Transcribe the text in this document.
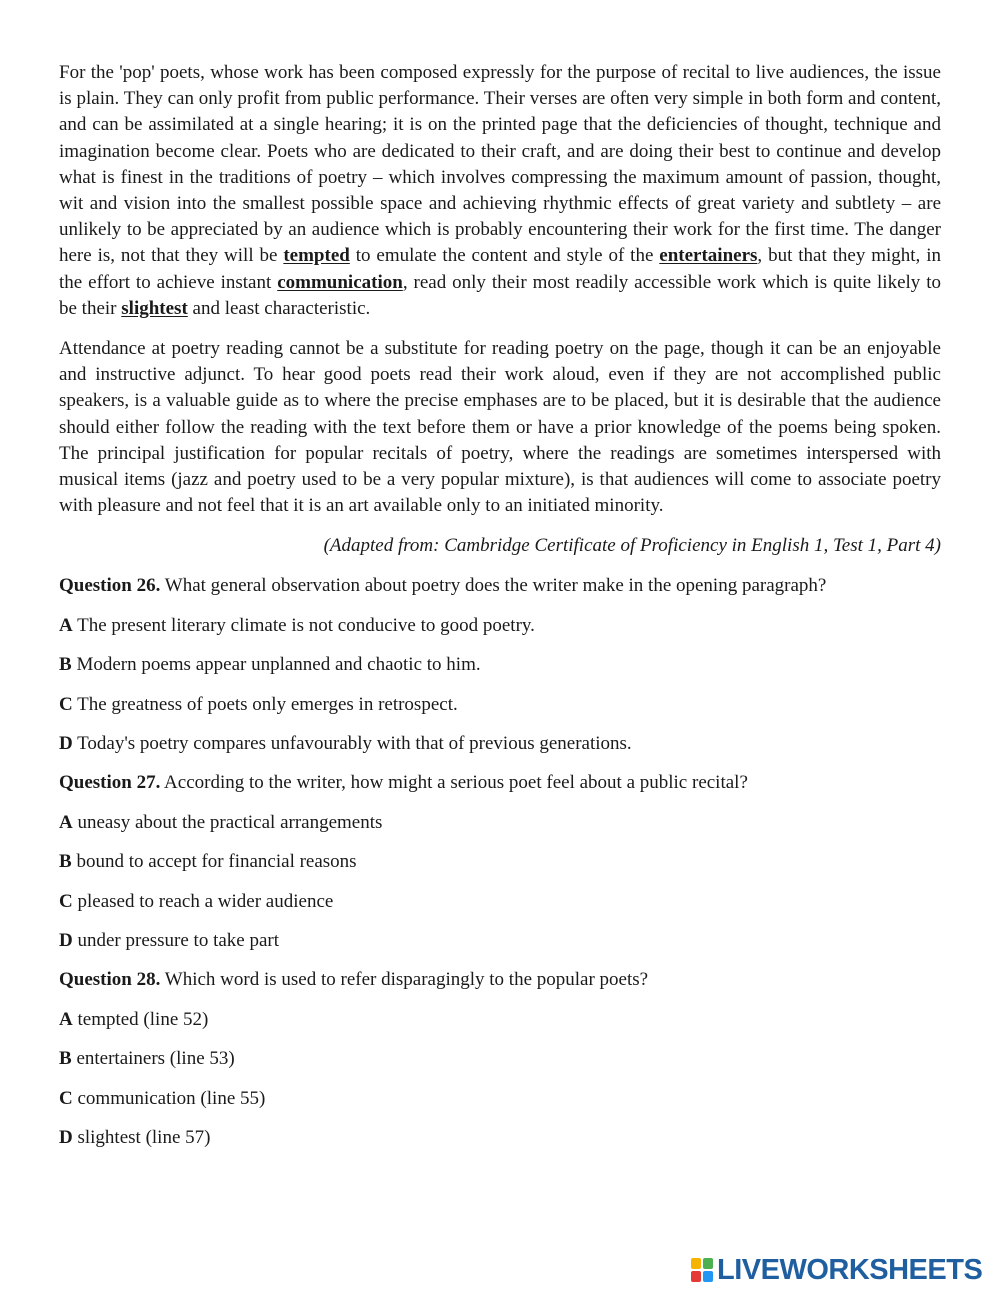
For the 'pop' poets, whose work has been composed expressly for the purpose of recital to live audiences, the issue is plain. They can only profit from public performance. Their verses are often very simple in both form and content, and can be assimilated at a single hearing; it is on the printed page that the deficiencies of thought, technique and imagination become clear. Poets who are dedicated to their craft, and are doing their best to continue and develop what is finest in the traditions of poetry – which involves compressing the maximum amount of passion, thought, wit and vision into the smallest possible space and achieving rhythmic effects of great variety and subtlety – are unlikely to be appreciated by an audience which is probably encountering their work for the first time. The danger here is, not that they will be tempted to emulate the content and style of the entertainers, but that they might, in the effort to achieve instant communication, read only their most readily accessible work which is quite likely to be their slightest and least characteristic.

Attendance at poetry reading cannot be a substitute for reading poetry on the page, though it can be an enjoyable and instructive adjunct. To hear good poets read their work aloud, even if they are not accomplished public speakers, is a valuable guide as to where the precise emphases are to be placed, but it is desirable that the audience should either follow the reading with the text before them or have a prior knowledge of the poems being spoken. The principal justification for popular recitals of poetry, where the readings are sometimes interspersed with musical items (jazz and poetry used to be a very popular mixture), is that audiences will come to associate poetry with pleasure and not feel that it is an art available only to an initiated minority.

(Adapted from: Cambridge Certificate of Proficiency in English 1, Test 1, Part 4)

Question 26. What general observation about poetry does the writer make in the opening paragraph?

A The present literary climate is not conducive to good poetry.

B Modern poems appear unplanned and chaotic to him.

C The greatness of poets only emerges in retrospect.

D Today's poetry compares unfavourably with that of previous generations.

Question 27. According to the writer, how might a serious poet feel about a public recital?

A uneasy about the practical arrangements

B bound to accept for financial reasons

C pleased to reach a wider audience

D under pressure to take part

Question 28. Which word is used to refer disparagingly to the popular poets?

A tempted (line 52)

B entertainers (line 53)

C communication (line 55)

D slightest (line 57)

LIVEWORKSHEETS
